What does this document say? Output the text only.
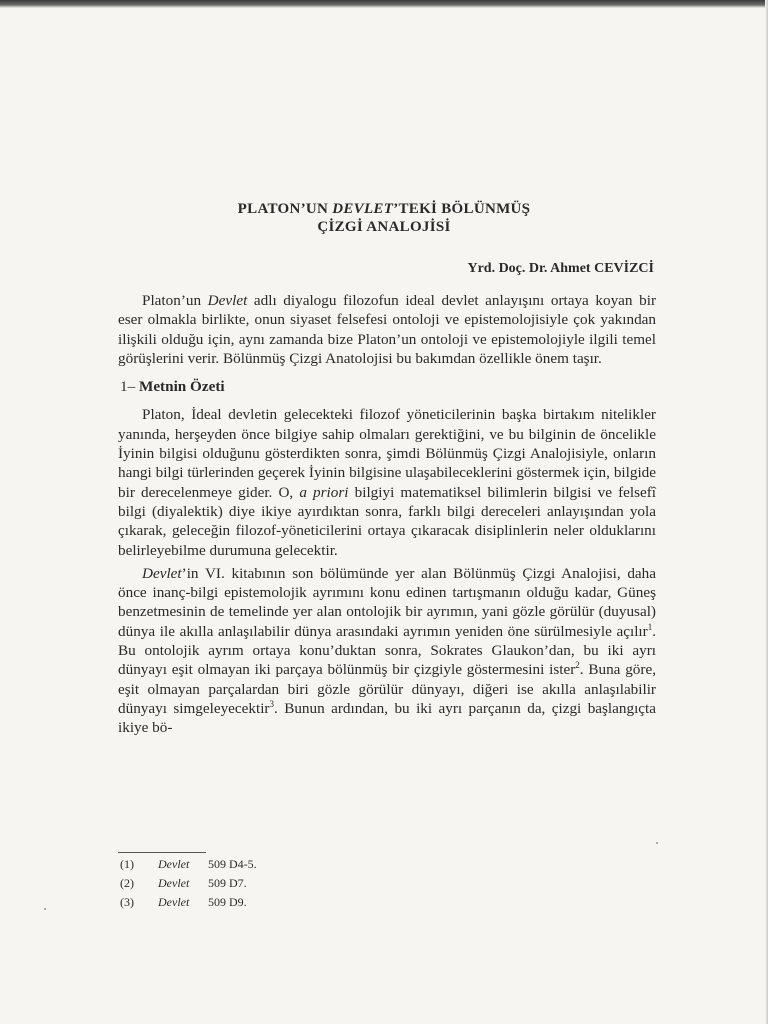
PLATON’UN DEVLET’TEKİ BÖLÜNMÜŞ
ÇİZGİ ANALOJİSİ

Yrd. Doç. Dr. Ahmet CEVİZCİ

Platon’un Devlet adlı diyalogu filozofun ideal devlet anlayışını ortaya koyan bir eser olmakla birlikte, onun siyaset felsefesi ontoloji ve epistemolojisiyle çok yakından ilişkili olduğu için, aynı zamanda bize Platon’un ontoloji ve epistemolojiyle ilgili temel görüşlerini verir. Bölünmüş Çizgi Anatolojisi bu bakımdan özellikle önem taşır.

1– Metnin Özeti

Platon, İdeal devletin gelecekteki filozof yöneticilerinin başka birtakım nitelikler yanında, herşeyden önce bilgiye sahip olmaları gerektiğini, ve bu bilginin de öncelikle İyinin bilgisi olduğunu gösterdikten sonra, şimdi Bölünmüş Çizgi Analojisiyle, onların hangi bilgi türlerinden geçerek İyinin bilgisine ulaşabileceklerini göstermek için, bilgide bir derecelenmeye gider. O, a priori bilgiyi matematiksel bilimlerin bilgisi ve felsefî bilgi (diyalektik) diye ikiye ayırdıktan sonra, farklı bilgi dereceleri anlayışından yola çıkarak, geleceğin filozof-yöneticilerini ortaya çıkaracak disiplinlerin neler olduklarını belirleyebilme durumuna gelecektir.

Devlet’in VI. kitabının son bölümünde yer alan Bölünmüş Çizgi Analojisi, daha önce inanç-bilgi epistemolojik ayrımını konu edinen tartışmanın olduğu kadar, Güneş benzetmesinin de temelinde yer alan ontolojik bir ayrımın, yani gözle görülür (duyusal) dünya ile akılla anlaşılabilir dünya arasındaki ayrımın yeniden öne sürülmesiyle açılır$^1$. Bu ontolojik ayrım ortaya konu’duktan sonra, Sokrates Glaukon’dan, bu iki ayrı dünyayı eşit olmayan iki parçaya bölünmüş bir çizgiyle göstermesini ister$^2$. Buna göre, eşit olmayan parçalardan biri gözle görülür dünyayı, diğeri ise akılla anlaşılabilir dünyayı simgeleyecektir$^3$. Bunun ardından, bu iki ayrı parçanın da, çizgi başlangıçta ikiye bö-

(1)	Devlet	509 D4-5.
(2)	Devlet	509 D7.
(3)	Devlet	509 D9.
